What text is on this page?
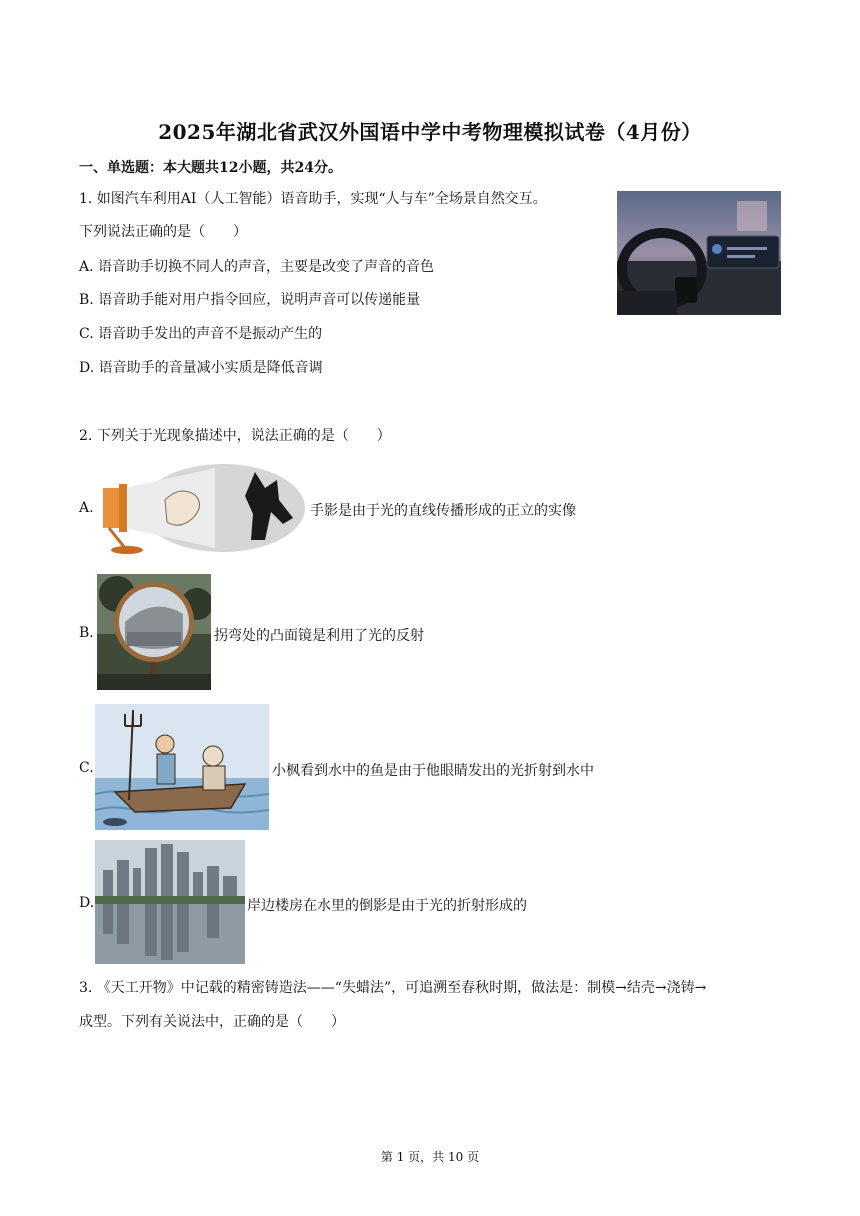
2025年湖北省武汉外国语中学中考物理模拟试卷（4月份）
一、单选题：本大题共12小题，共24分。
1. 如图汽车利用AI（人工智能）语音助手，实现“人与车”全场景自然交互。
下列说法正确的是（　　）
A. 语音助手切换不同人的声音，主要是改变了声音的音色
B. 语音助手能对用户指令回应，说明声音可以传递能量
C. 语音助手发出的声音不是振动产生的
D. 语音助手的音量减小实质是降低音调
2. 下列关于光现象描述中，说法正确的是（　　）
A.	手影是由于光的直线传播形成的正立的实像
B.	拐弯处的凸面镜是利用了光的反射
C.	小枫看到水中的鱼是由于他眼睛发出的光折射到水中
D.	岸边楼房在水里的倒影是由于光的折射形成的
3. 《天工开物》中记载的精密铸造法——“失蜡法”，可追溯至春秋时期，做法是：制模→结壳→浇铸→
成型。下列有关说法中，正确的是（　　）
第 1 页，共 10 页
